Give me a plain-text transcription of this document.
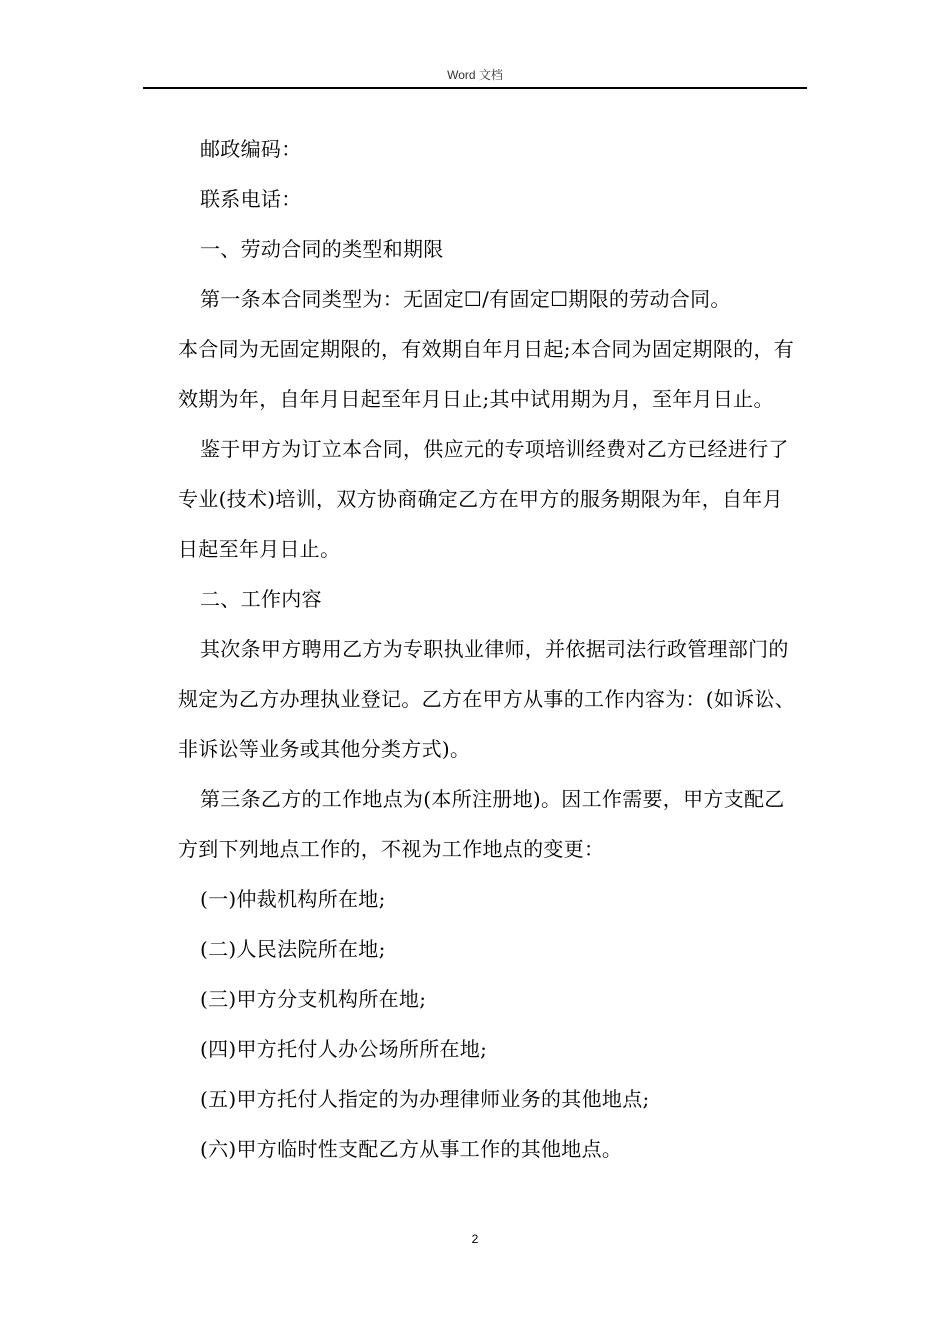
Word 文档

邮政编码：

联系电话：

一、劳动合同的类型和期限

第一条本合同类型为：无固定☐/有固定☐期限的劳动合同。

本合同为无固定期限的，有效期自年月日起;本合同为固定期限的，有效期为年，自年月日起至年月日止;其中试用期为月，至年月日止。

鉴于甲方为订立本合同，供应元的专项培训经费对乙方已经进行了专业(技术)培训，双方协商确定乙方在甲方的服务期限为年，自年月日起至年月日止。

二、工作内容

其次条甲方聘用乙方为专职执业律师，并依据司法行政管理部门的规定为乙方办理执业登记。乙方在甲方从事的工作内容为：(如诉讼、非诉讼等业务或其他分类方式)。

第三条乙方的工作地点为(本所注册地)。因工作需要，甲方支配乙方到下列地点工作的，不视为工作地点的变更：

(一)仲裁机构所在地;

(二)人民法院所在地;

(三)甲方分支机构所在地;

(四)甲方托付人办公场所所在地;

(五)甲方托付人指定的为办理律师业务的其他地点;

(六)甲方临时性支配乙方从事工作的其他地点。

2
